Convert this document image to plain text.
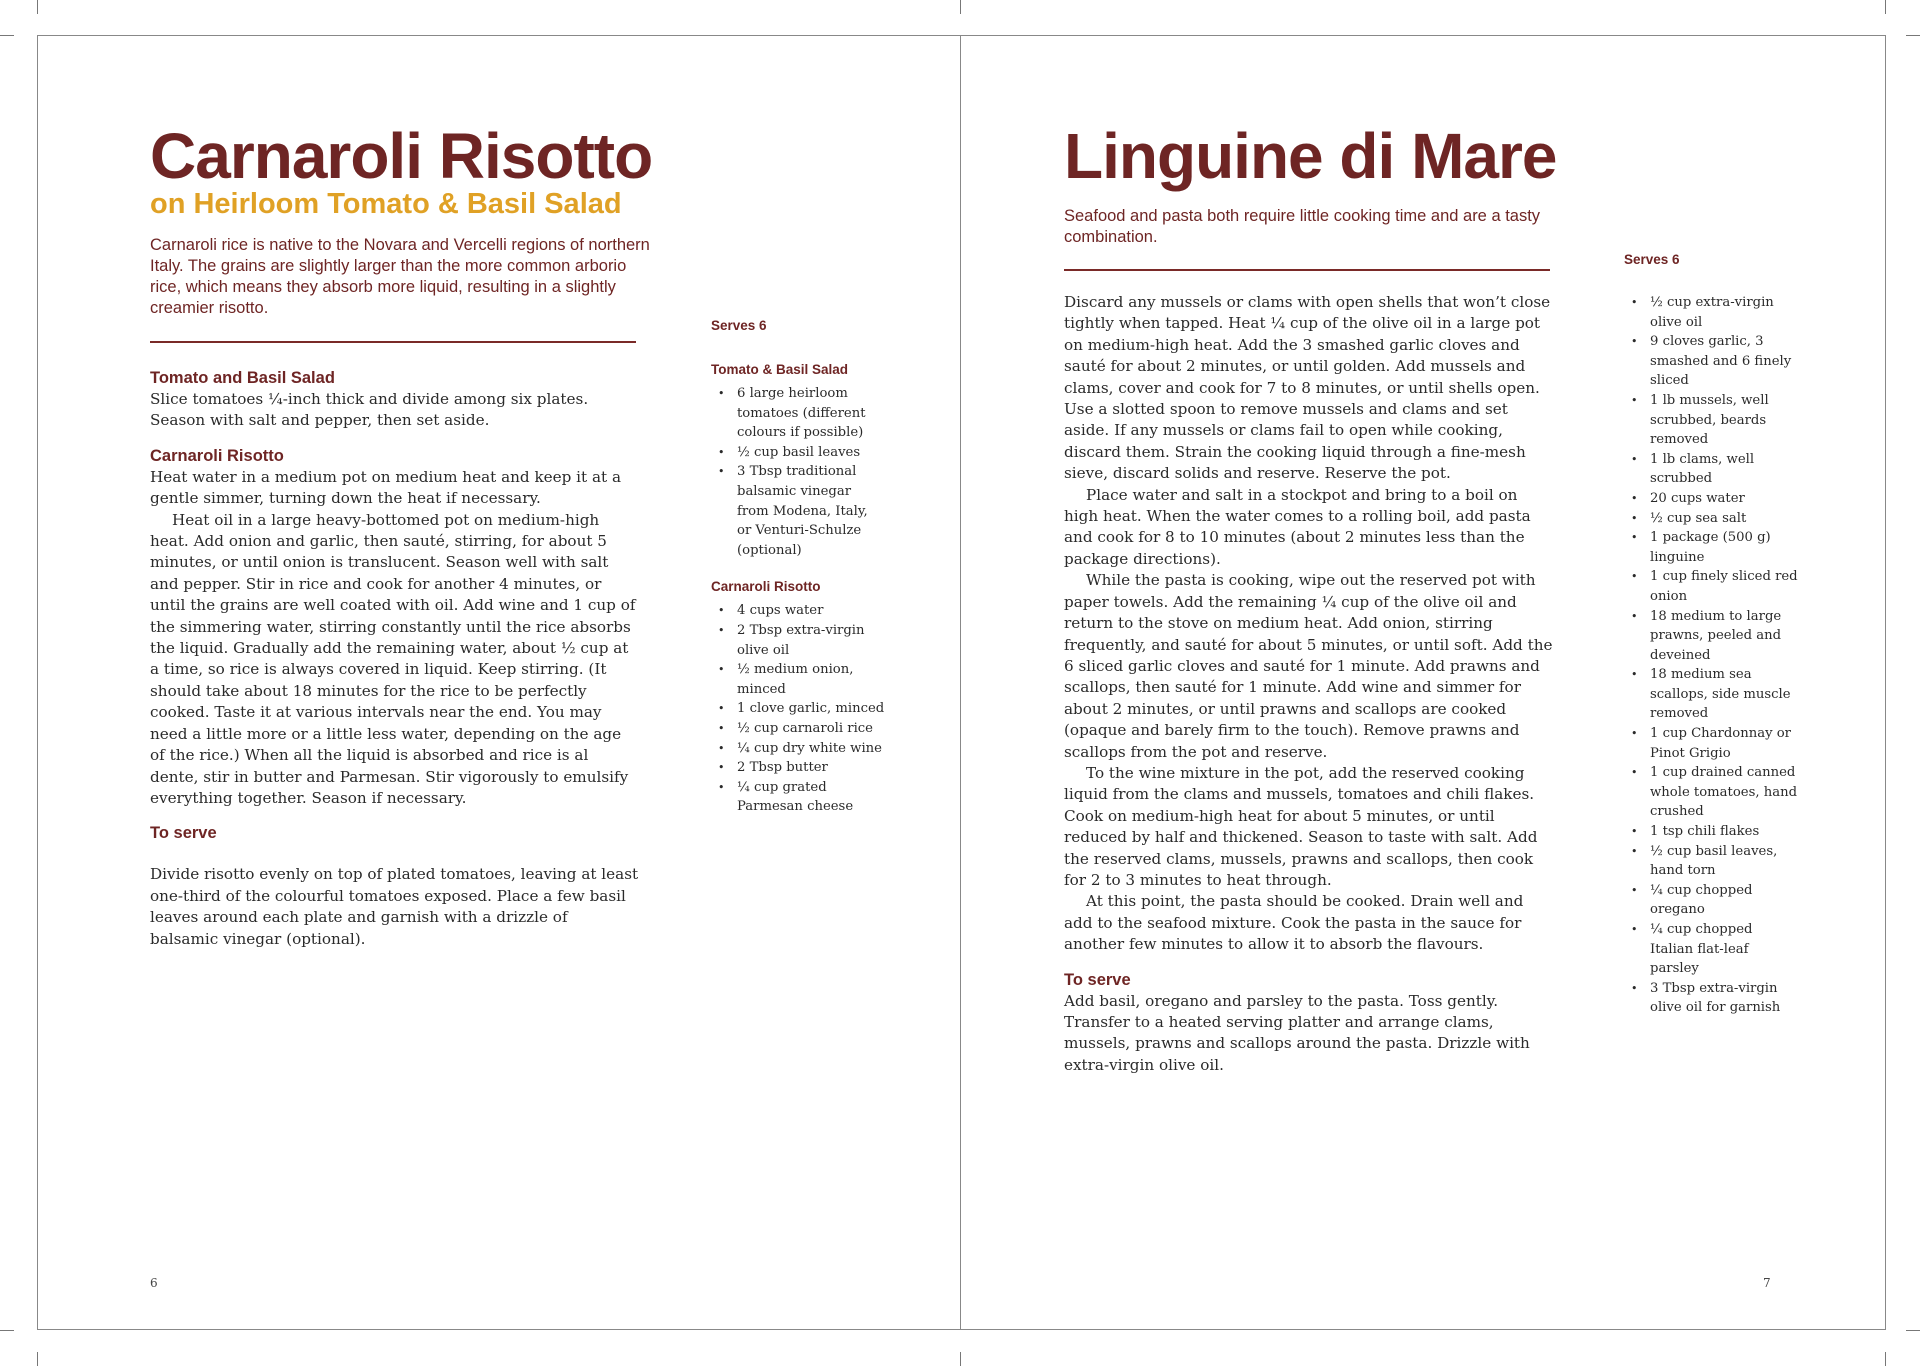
Carnaroli Risotto
on Heirloom Tomato & Basil Salad

Carnaroli rice is native to the Novara and Vercelli regions of northern Italy. The grains are slightly larger than the more common arborio rice, which means they absorb more liquid, resulting in a slightly creamier risotto.

Tomato and Basil Salad

Slice tomatoes ¼-inch thick and divide among six plates. Season with salt and pepper, then set aside.

Carnaroli Risotto

Heat water in a medium pot on medium heat and keep it at a gentle simmer, turning down the heat if necessary.

Heat oil in a large heavy-bottomed pot on medium-high heat. Add onion and garlic, then sauté, stirring, for about 5 minutes, or until onion is translucent. Season well with salt and pepper. Stir in rice and cook for another 4 minutes, or until the grains are well coated with oil. Add wine and 1 cup of the simmering water, stirring constantly until the rice absorbs the liquid. Gradually add the remaining water, about ½ cup at a time, so rice is always covered in liquid. Keep stirring. (It should take about 18 minutes for the rice to be perfectly cooked. Taste it at various intervals near the end. You may need a little more or a little less water, depending on the age of the rice.) When all the liquid is absorbed and rice is al dente, stir in butter and Parmesan. Stir vigorously to emulsify everything together. Season if necessary.

To serve

Divide risotto evenly on top of plated tomatoes, leaving at least one-third of the colourful tomatoes exposed. Place a few basil leaves around each plate and garnish with a drizzle of balsamic vinegar (optional).

Serves 6

Tomato & Basil Salad

• 6 large heirloom tomatoes (different colours if possible)
• ½ cup basil leaves
• 3 Tbsp traditional balsamic vinegar from Modena, Italy, or Venturi-Schulze (optional)

Carnaroli Risotto

• 4 cups water
• 2 Tbsp extra-virgin olive oil
• ½ medium onion, minced
• 1 clove garlic, minced
• ½ cup carnaroli rice
• ¼ cup dry white wine
• 2 Tbsp butter
• ¼ cup grated Parmesan cheese
6
Linguine di Mare

Seafood and pasta both require little cooking time and are a tasty combination.

Discard any mussels or clams with open shells that won’t close tightly when tapped. Heat ¼ cup of the olive oil in a large pot on medium-high heat. Add the 3 smashed garlic cloves and sauté for about 2 minutes, or until golden. Add mussels and clams, cover and cook for 7 to 8 minutes, or until shells open. Use a slotted spoon to remove mussels and clams and set aside. If any mussels or clams fail to open while cooking, discard them. Strain the cooking liquid through a fine-mesh sieve, discard solids and reserve. Reserve the pot.

Place water and salt in a stockpot and bring to a boil on high heat. When the water comes to a rolling boil, add pasta and cook for 8 to 10 minutes (about 2 minutes less than the package directions).

While the pasta is cooking, wipe out the reserved pot with paper towels. Add the remaining ¼ cup of the olive oil and return to the stove on medium heat. Add onion, stirring frequently, and sauté for about 5 minutes, or until soft. Add the 6 sliced garlic cloves and sauté for 1 minute. Add prawns and scallops, then sauté for 1 minute. Add wine and simmer for about 2 minutes, or until prawns and scallops are cooked (opaque and barely firm to the touch). Remove prawns and scallops from the pot and reserve.

To the wine mixture in the pot, add the reserved cooking liquid from the clams and mussels, tomatoes and chili flakes. Cook on medium-high heat for about 5 minutes, or until reduced by half and thickened. Season to taste with salt. Add the reserved clams, mussels, prawns and scallops, then cook for 2 to 3 minutes to heat through.

At this point, the pasta should be cooked. Drain well and add to the seafood mixture. Cook the pasta in the sauce for another few minutes to allow it to absorb the flavours.

To serve

Add basil, oregano and parsley to the pasta. Toss gently. Transfer to a heated serving platter and arrange clams, mussels, prawns and scallops around the pasta. Drizzle with extra-virgin olive oil.

Serves 6

• ½ cup extra-virgin olive oil
• 9 cloves garlic, 3 smashed and 6 finely sliced
• 1 lb mussels, well scrubbed, beards removed
• 1 lb clams, well scrubbed
• 20 cups water
• ½ cup sea salt
• 1 package (500 g) linguine
• 1 cup finely sliced red onion
• 18 medium to large prawns, peeled and deveined
• 18 medium sea scallops, side muscle removed
• 1 cup Chardonnay or Pinot Grigio
• 1 cup drained canned whole tomatoes, hand crushed
• 1 tsp chili flakes
• ½ cup basil leaves, hand torn
• ¼ cup chopped oregano
• ¼ cup chopped Italian flat-leaf parsley
• 3 Tbsp extra-virgin olive oil for garnish
7
